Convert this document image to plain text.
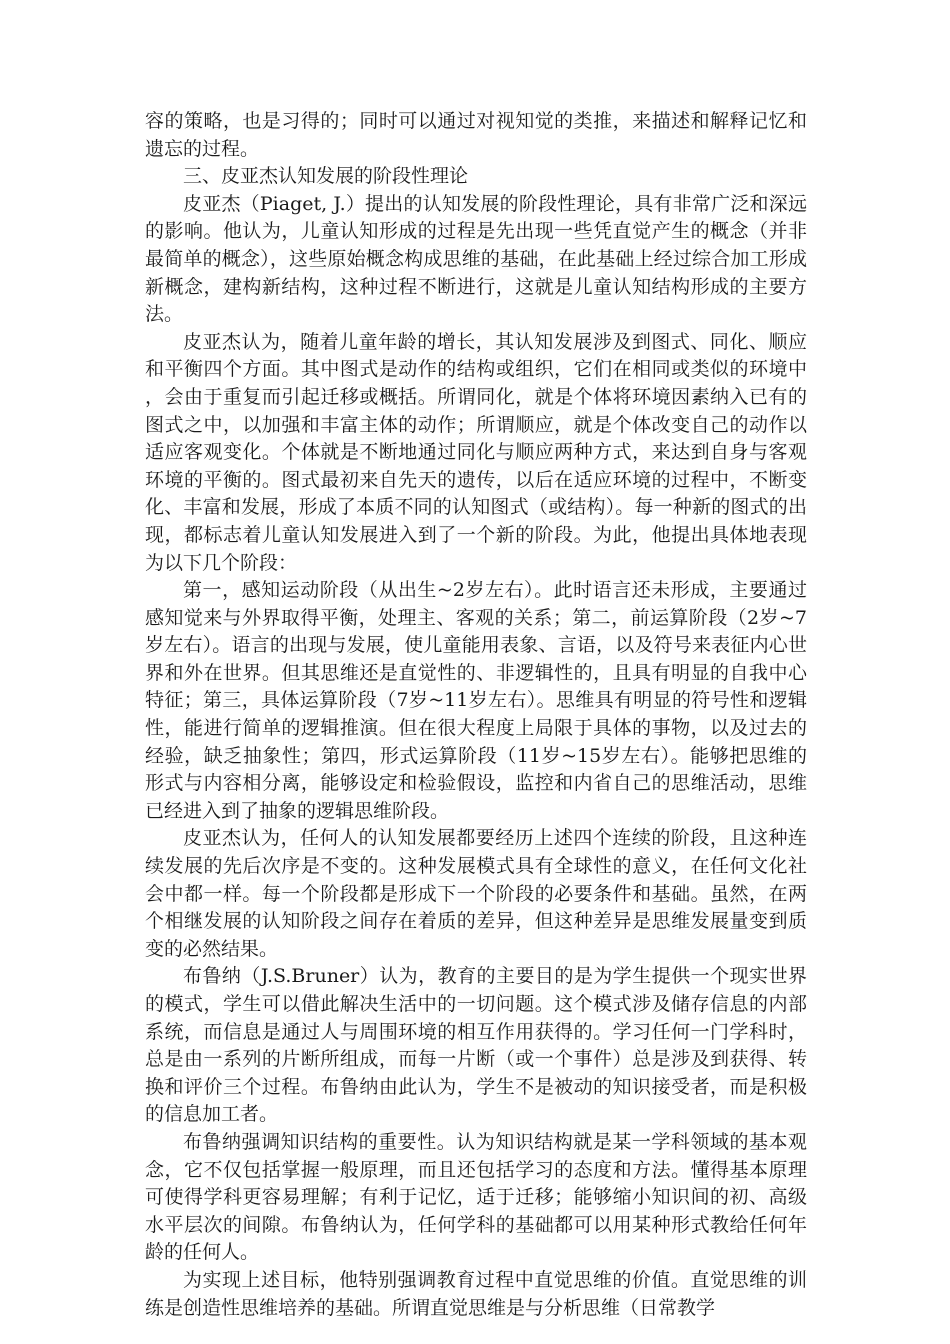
容的策略，也是习得的；同时可以通过对视知觉的类推，来描述和解释记忆和遗忘的过程。

三、皮亚杰认知发展的阶段性理论

皮亚杰（Piaget, J.）提出的认知发展的阶段性理论，具有非常广泛和深远的影响。他认为，儿童认知形成的过程是先出现一些凭直觉产生的概念（并非最简单的概念），这些原始概念构成思维的基础，在此基础上经过综合加工形成新概念，建构新结构，这种过程不断进行，这就是儿童认知结构形成的主要方法。

皮亚杰认为，随着儿童年龄的增长，其认知发展涉及到图式、同化、顺应和平衡四个方面。其中图式是动作的结构或组织，它们在相同或类似的环境中，会由于重复而引起迁移或概括。所谓同化，就是个体将环境因素纳入已有的图式之中，以加强和丰富主体的动作；所谓顺应，就是个体改变自己的动作以适应客观变化。个体就是不断地通过同化与顺应两种方式，来达到自身与客观环境的平衡的。图式最初来自先天的遗传，以后在适应环境的过程中，不断变化、丰富和发展，形成了本质不同的认知图式（或结构）。每一种新的图式的出现，都标志着儿童认知发展进入到了一个新的阶段。为此，他提出具体地表现为以下几个阶段：

第一，感知运动阶段（从出生~2岁左右）。此时语言还未形成，主要通过感知觉来与外界取得平衡，处理主、客观的关系；第二，前运算阶段（2岁~7岁左右）。语言的出现与发展，使儿童能用表象、言语，以及符号来表征内心世界和外在世界。但其思维还是直觉性的、非逻辑性的，且具有明显的自我中心特征；第三，具体运算阶段（7岁~11岁左右）。思维具有明显的符号性和逻辑性，能进行简单的逻辑推演。但在很大程度上局限于具体的事物，以及过去的经验，缺乏抽象性；第四，形式运算阶段（11岁~15岁左右）。能够把思维的形式与内容相分离，能够设定和检验假设，监控和内省自己的思维活动，思维已经进入到了抽象的逻辑思维阶段。

皮亚杰认为，任何人的认知发展都要经历上述四个连续的阶段，且这种连续发展的先后次序是不变的。这种发展模式具有全球性的意义，在任何文化社会中都一样。每一个阶段都是形成下一个阶段的必要条件和基础。虽然，在两个相继发展的认知阶段之间存在着质的差异，但这种差异是思维发展量变到质变的必然结果。

布鲁纳（J.S.Bruner）认为，教育的主要目的是为学生提供一个现实世界的模式，学生可以借此解决生活中的一切问题。这个模式涉及储存信息的内部系统，而信息是通过人与周围环境的相互作用获得的。学习任何一门学科时，总是由一系列的片断所组成，而每一片断（或一个事件）总是涉及到获得、转换和评价三个过程。布鲁纳由此认为，学生不是被动的知识接受者，而是积极的信息加工者。

布鲁纳强调知识结构的重要性。认为知识结构就是某一学科领域的基本观念，它不仅包括掌握一般原理，而且还包括学习的态度和方法。懂得基本原理可使得学科更容易理解；有利于记忆，适于迁移；能够缩小知识间的初、高级水平层次的间隙。布鲁纳认为，任何学科的基础都可以用某种形式教给任何年龄的任何人。

为实现上述目标，他特别强调教育过程中直觉思维的价值。直觉思维的训练是创造性思维培养的基础。所谓直觉思维是与分析思维（日常教学
